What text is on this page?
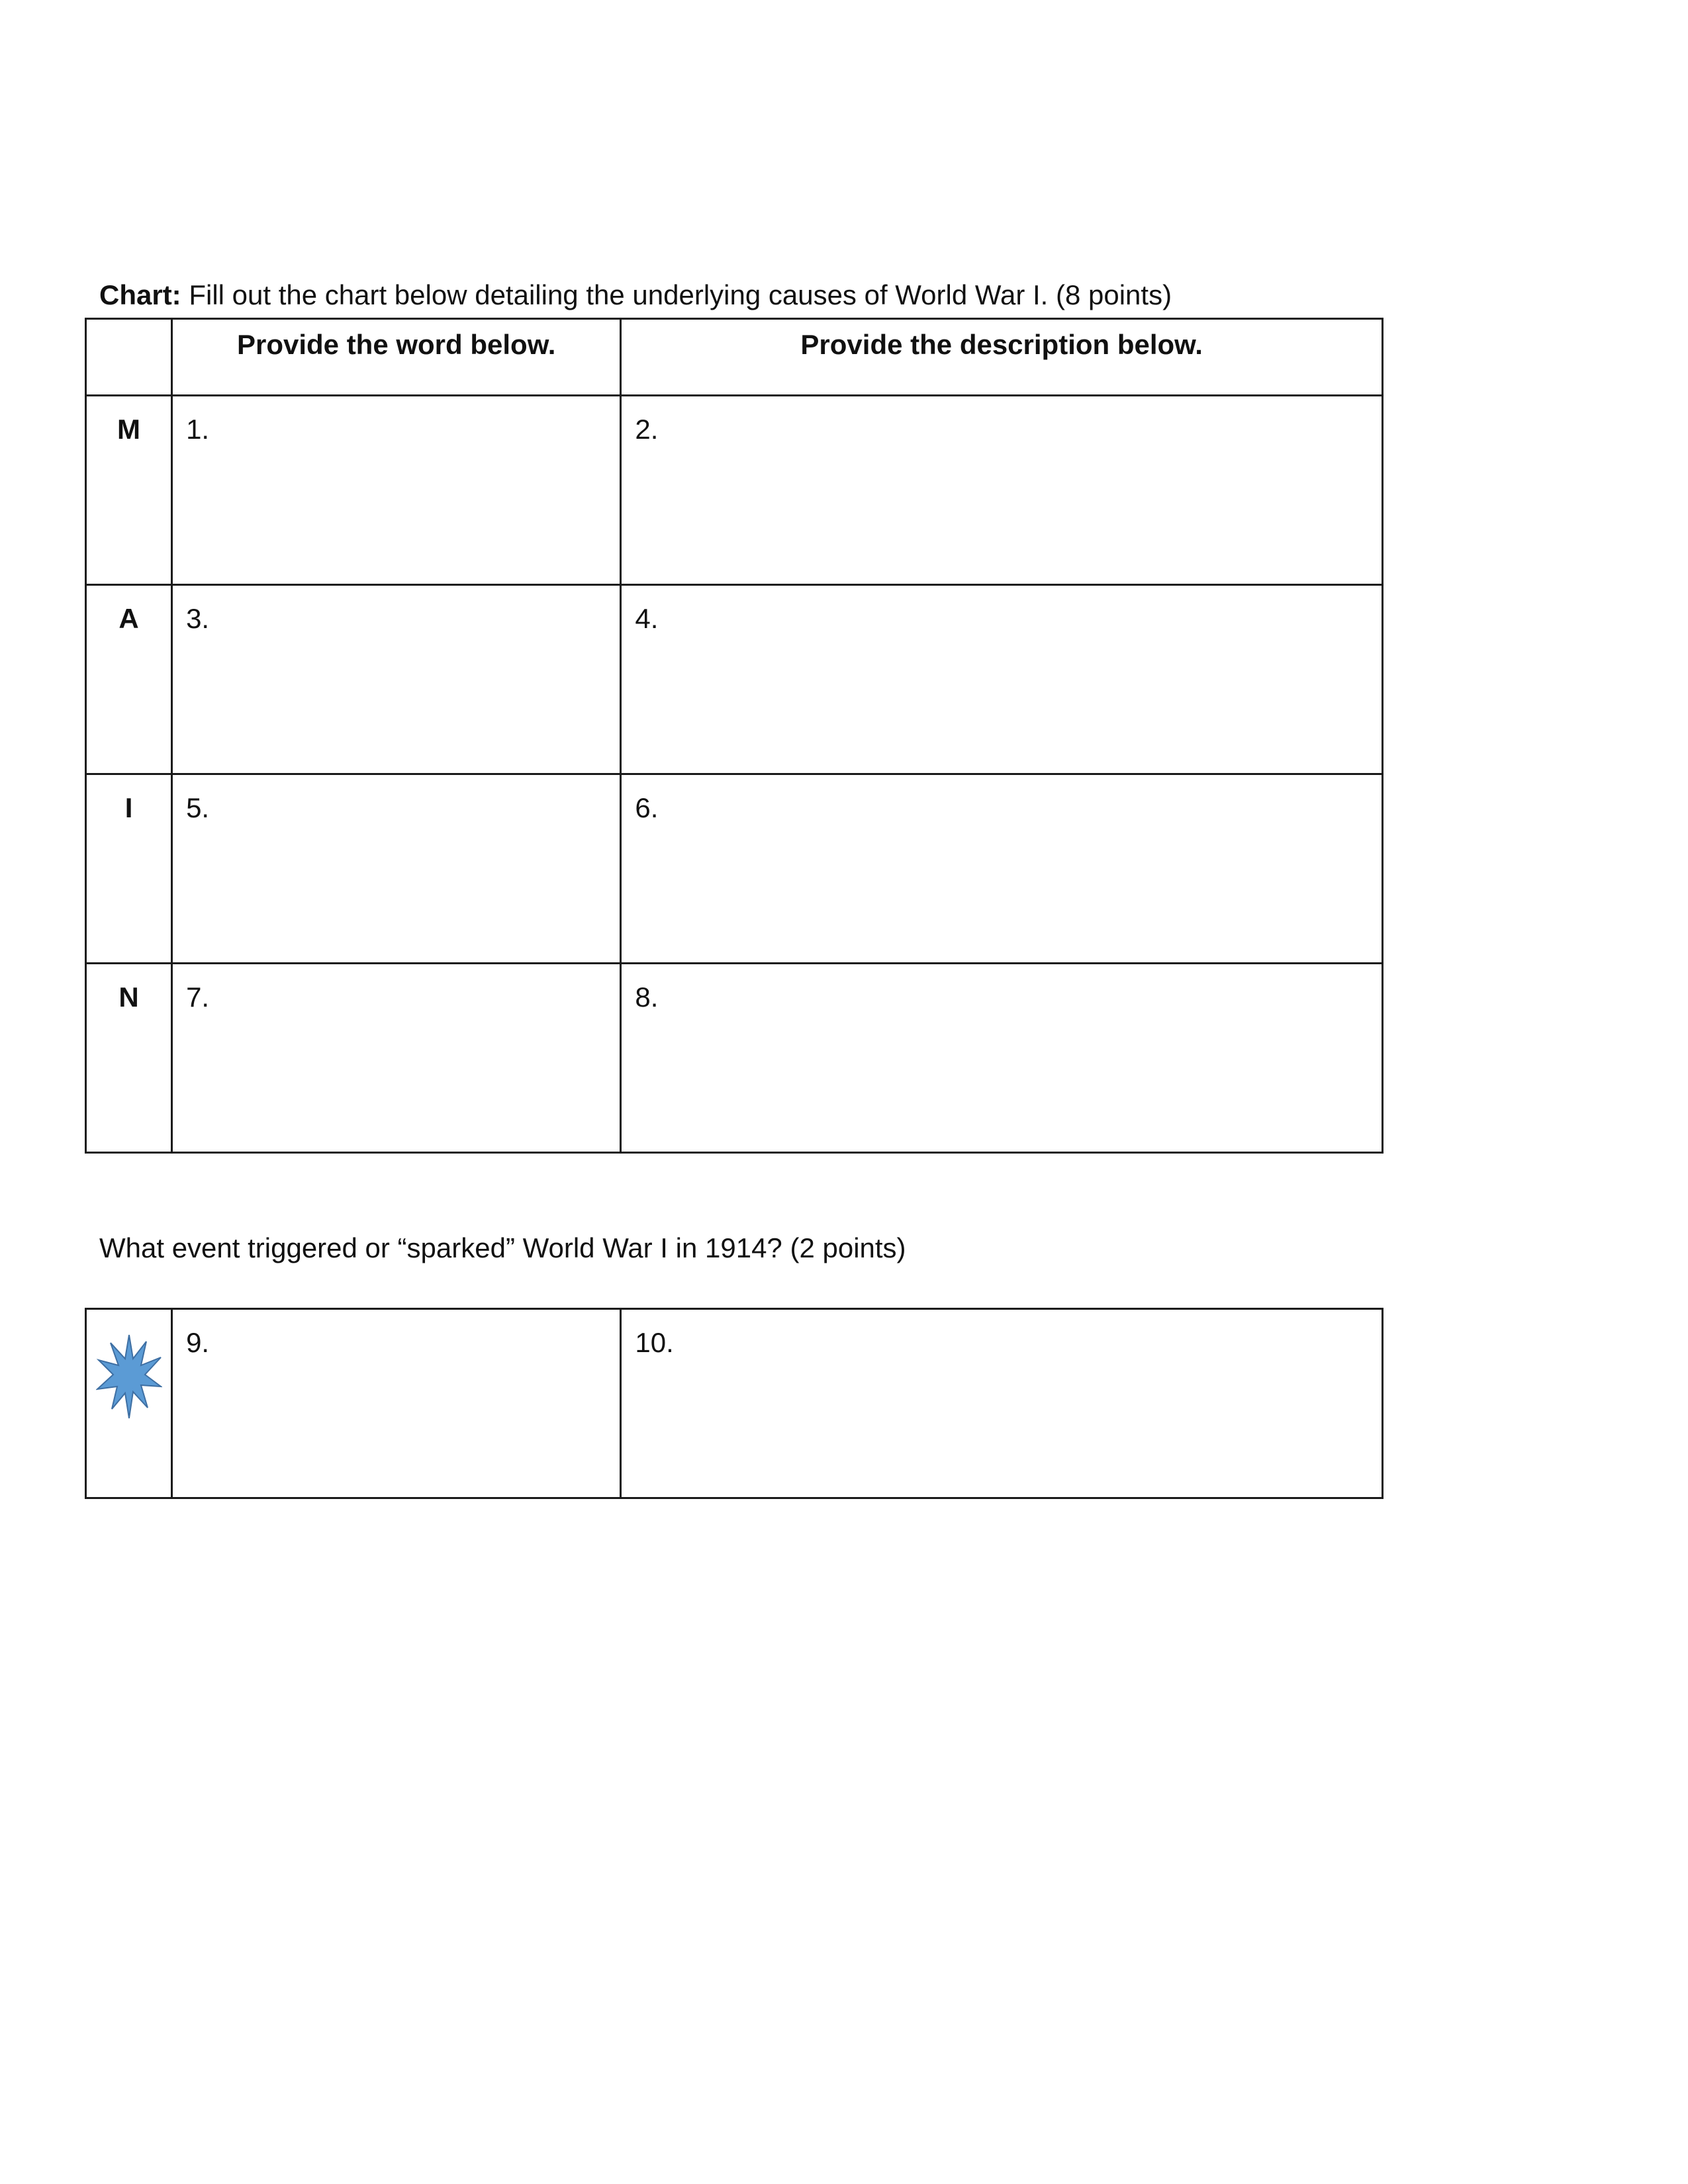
Chart: Fill out the chart below detailing the underlying causes of World War I. (8 points)

	Provide the word below.	Provide the description below.

M	1.	2.

A	3.	4.

I	5.	6.

N	7.	8.
What event triggered or “sparked” World War I in 1914? (2 points)

9.	10.
